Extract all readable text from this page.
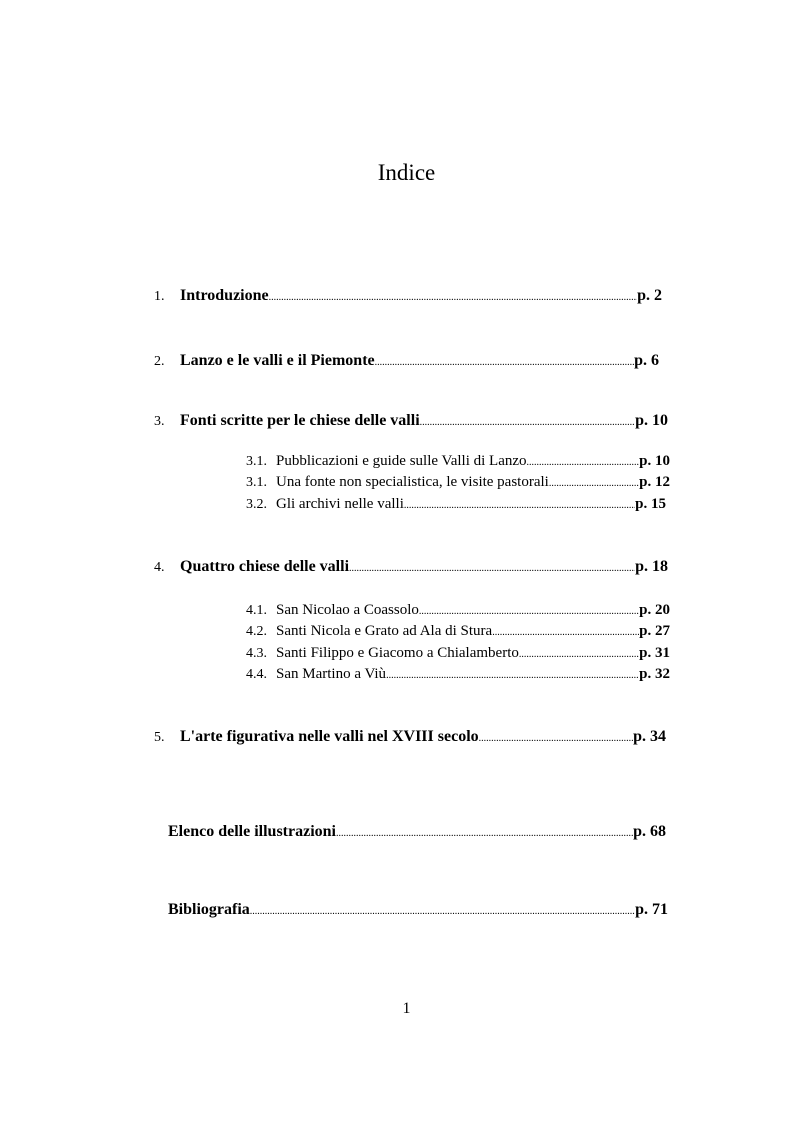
Indice
1. Introduzione .....	p. 2
2. Lanzo e le valli e il Piemonte .....	p. 6
3. Fonti scritte per le chiese delle valli .....	p. 10
3.1. Pubblicazioni e guide sulle Valli di Lanzo .....	p. 10
3.1. Una fonte non specialistica, le visite pastorali .....	p. 12
3.2. Gli archivi nelle valli .....	p. 15
4. Quattro chiese delle valli .....	p. 18
4.1. San Nicolao a Coassolo .....	p. 20
4.2. Santi Nicola e Grato ad Ala di Stura .....	p. 27
4.3. Santi Filippo e Giacomo a Chialamberto .....	p. 31
4.4. San Martino a Viù .....	p. 32
5. L'arte figurativa nelle valli nel XVIII secolo .....	p. 34
Elenco delle illustrazioni .....	p. 68
Bibliografia .....	p. 71
1
